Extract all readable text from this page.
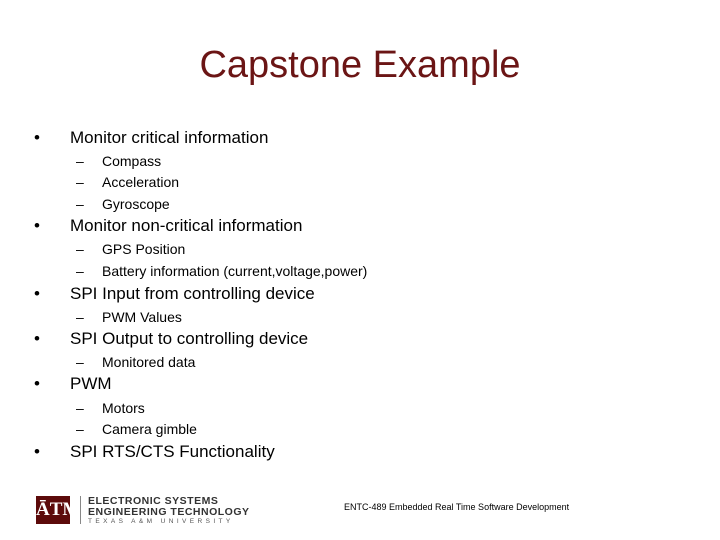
Capstone Example
• Monitor critical information
– Compass
– Acceleration
– Gyroscope
• Monitor non-critical information
– GPS Position
– Battery information (current,voltage,power)
• SPI Input from controlling device
– PWM Values
• SPI Output to controlling device
– Monitored data
• PWM
– Motors
– Camera gimble
• SPI RTS/CTS Functionality
ĀTM ELECTRONIC SYSTEMS
ENGINEERING TECHNOLOGY
TEXAS A&M UNIVERSITY
ENTC-489 Embedded Real Time Software Development
